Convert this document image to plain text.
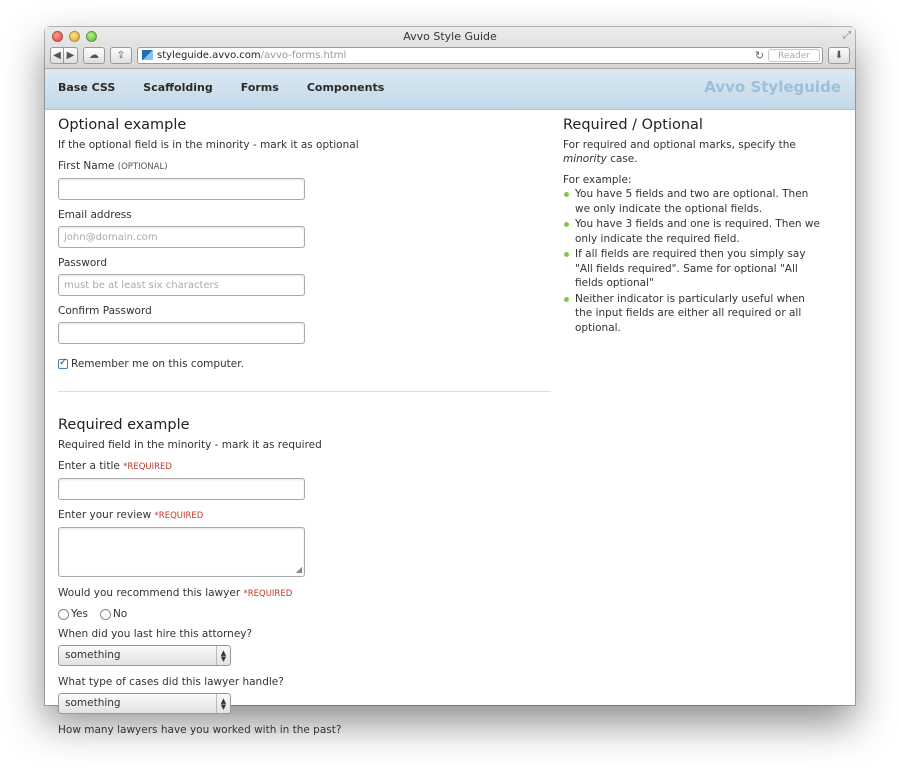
Avvo Style Guide	⤢
◀ ▶ ☁ ⇪	styleguide.avvo.com /avvo-forms.html	↻	Reader	⬇
Base CSS	Scaffolding	Forms	Components	Avvo Styleguide
Optional example
If the optional field is in the minority - mark it as optional
First Name (OPTIONAL)
Email address
john@domain.com
Password
must be at least six characters
Confirm Password
✓
Remember me on this computer.
Required example
Required field in the minority - mark it as required
Enter a title *REQUIRED
Enter your review *REQUIRED
◢
Would you recommend this lawyer *REQUIRED
Yes No
When did you last hire this attorney?
something	▲
▼
What type of cases did this lawyer handle?
something	▲
▼
How many lawyers have you worked with in the past?
Required / Optional
For required and optional marks, specify the minority case.
For example:
You have 5 fields and two are optional. Then we only indicate the optional fields.
You have 3 fields and one is required. Then we only indicate the required field.
If all fields are required then you simply say "All fields required". Same for optional "All fields optional"
Neither indicator is particularly useful when the input fields are either all required or all optional.
